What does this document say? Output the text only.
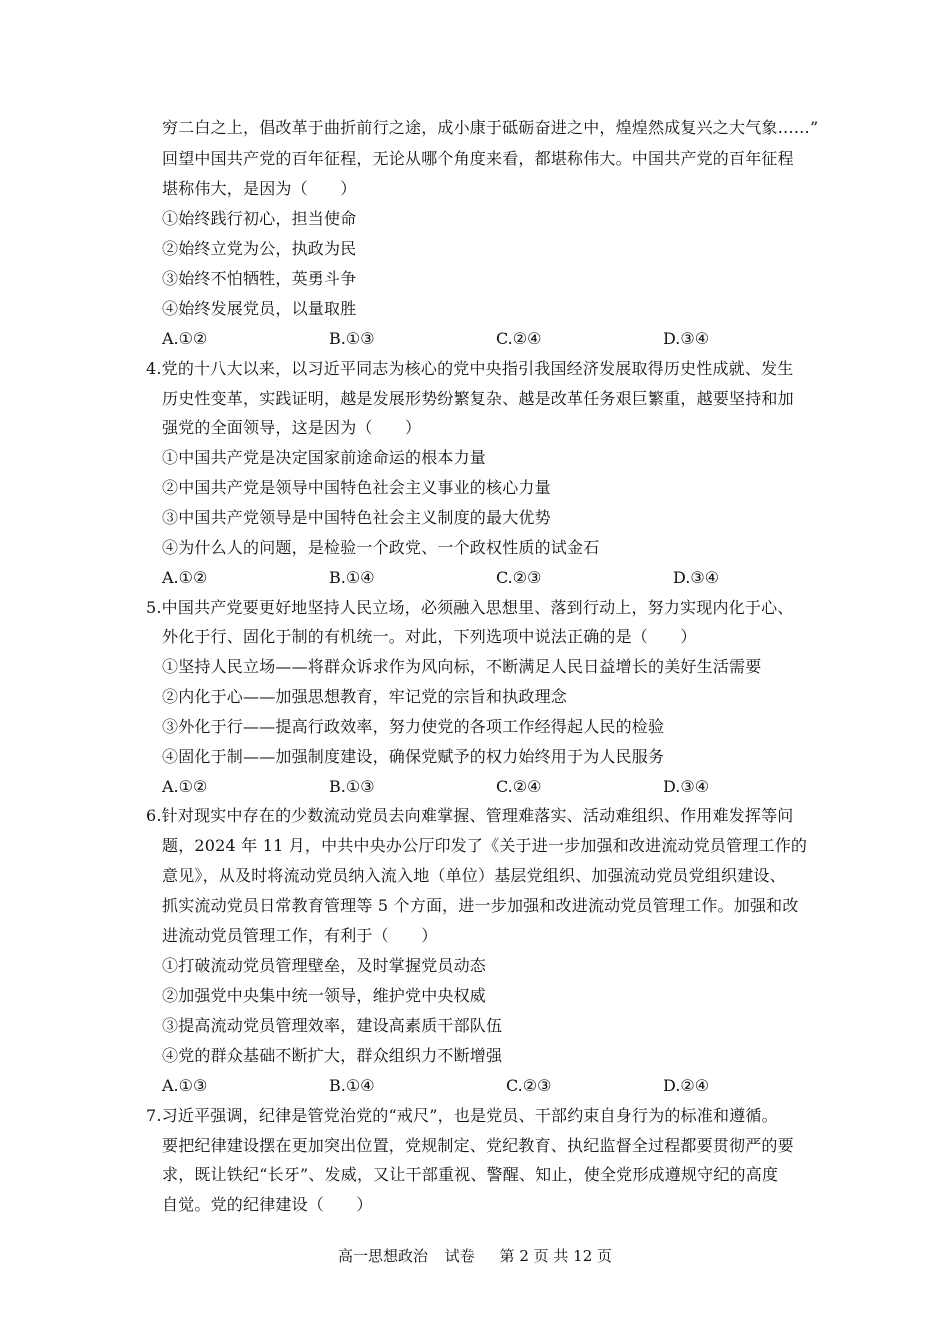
穷二白之上，倡改革于曲折前行之途，成小康于砥砺奋进之中，煌煌然成复兴之大气象……”
回望中国共产党的百年征程，无论从哪个角度来看，都堪称伟大。中国共产党的百年征程
堪称伟大，是因为（　　）
①始终践行初心，担当使命
②始终立党为公，执政为民
③始终不怕牺牲，英勇斗争
④始终发展党员，以量取胜
A.①②	B.①③	C.②④	D.③④
4.党的十八大以来，以习近平同志为核心的党中央指引我国经济发展取得历史性成就、发生
历史性变革，实践证明，越是发展形势纷繁复杂、越是改革任务艰巨繁重，越要坚持和加
强党的全面领导，这是因为（　　）
①中国共产党是决定国家前途命运的根本力量
②中国共产党是领导中国特色社会主义事业的核心力量
③中国共产党领导是中国特色社会主义制度的最大优势
④为什么人的问题，是检验一个政党、一个政权性质的试金石
A.①②	B.①④	C.②③	D.③④
5.中国共产党要更好地坚持人民立场，必须融入思想里、落到行动上，努力实现内化于心、
外化于行、固化于制的有机统一。对此，下列选项中说法正确的是（　　）
①坚持人民立场——将群众诉求作为风向标，不断满足人民日益增长的美好生活需要
②内化于心——加强思想教育，牢记党的宗旨和执政理念
③外化于行——提高行政效率，努力使党的各项工作经得起人民的检验
④固化于制——加强制度建设，确保党赋予的权力始终用于为人民服务
A.①②	B.①③	C.②④	D.③④
6.针对现实中存在的少数流动党员去向难掌握、管理难落实、活动难组织、作用难发挥等问
题，2024 年 11 月，中共中央办公厅印发了《关于进一步加强和改进流动党员管理工作的
意见》，从及时将流动党员纳入流入地（单位）基层党组织、加强流动党员党组织建设、
抓实流动党员日常教育管理等 5 个方面，进一步加强和改进流动党员管理工作。加强和改
进流动党员管理工作，有利于（　　）
①打破流动党员管理壁垒，及时掌握党员动态
②加强党中央集中统一领导，维护党中央权威
③提高流动党员管理效率，建设高素质干部队伍
④党的群众基础不断扩大，群众组织力不断增强
A.①③	B.①④	C.②③	D.②④
7.习近平强调，纪律是管党治党的“戒尺”，也是党员、干部约束自身行为的标准和遵循。
要把纪律建设摆在更加突出位置，党规制定、党纪教育、执纪监督全过程都要贯彻严的要
求，既让铁纪“长牙”、发威，又让干部重视、警醒、知止，使全党形成遵规守纪的高度
自觉。党的纪律建设（　　）
高一思想政治 试卷 第 2 页 共 12 页
